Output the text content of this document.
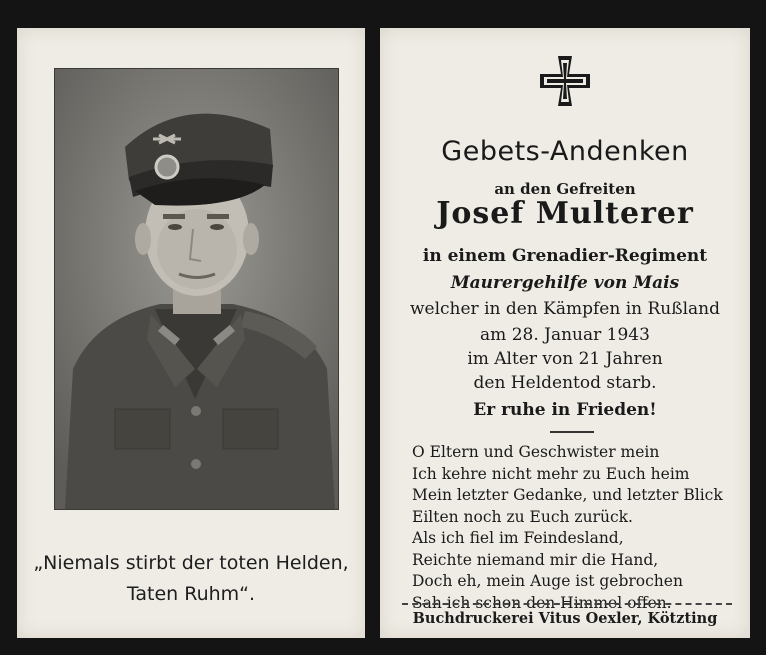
„Niemals stirbt der toten Helden,
Taten Ruhm“.
Gebets-Andenken
an den Gefreiten
Josef Multerer
in einem Grenadier-Regiment
Maurergehilfe von Mais
welcher in den Kämpfen in Rußland
am 28. Januar 1943
im Alter von 21 Jahren
den Heldentod starb.
Er ruhe in Frieden!
O Eltern und Geschwister mein
Ich kehre nicht mehr zu Euch heim
Mein letzter Gedanke, und letzter Blick
Eilten noch zu Euch zurück.
Als ich fiel im Feindesland,
Reichte niemand mir die Hand,
Doch eh, mein Auge ist gebrochen
Sah ich schon den Himmel offen.
Buchdruckerei Vitus Oexler, Kötzting
